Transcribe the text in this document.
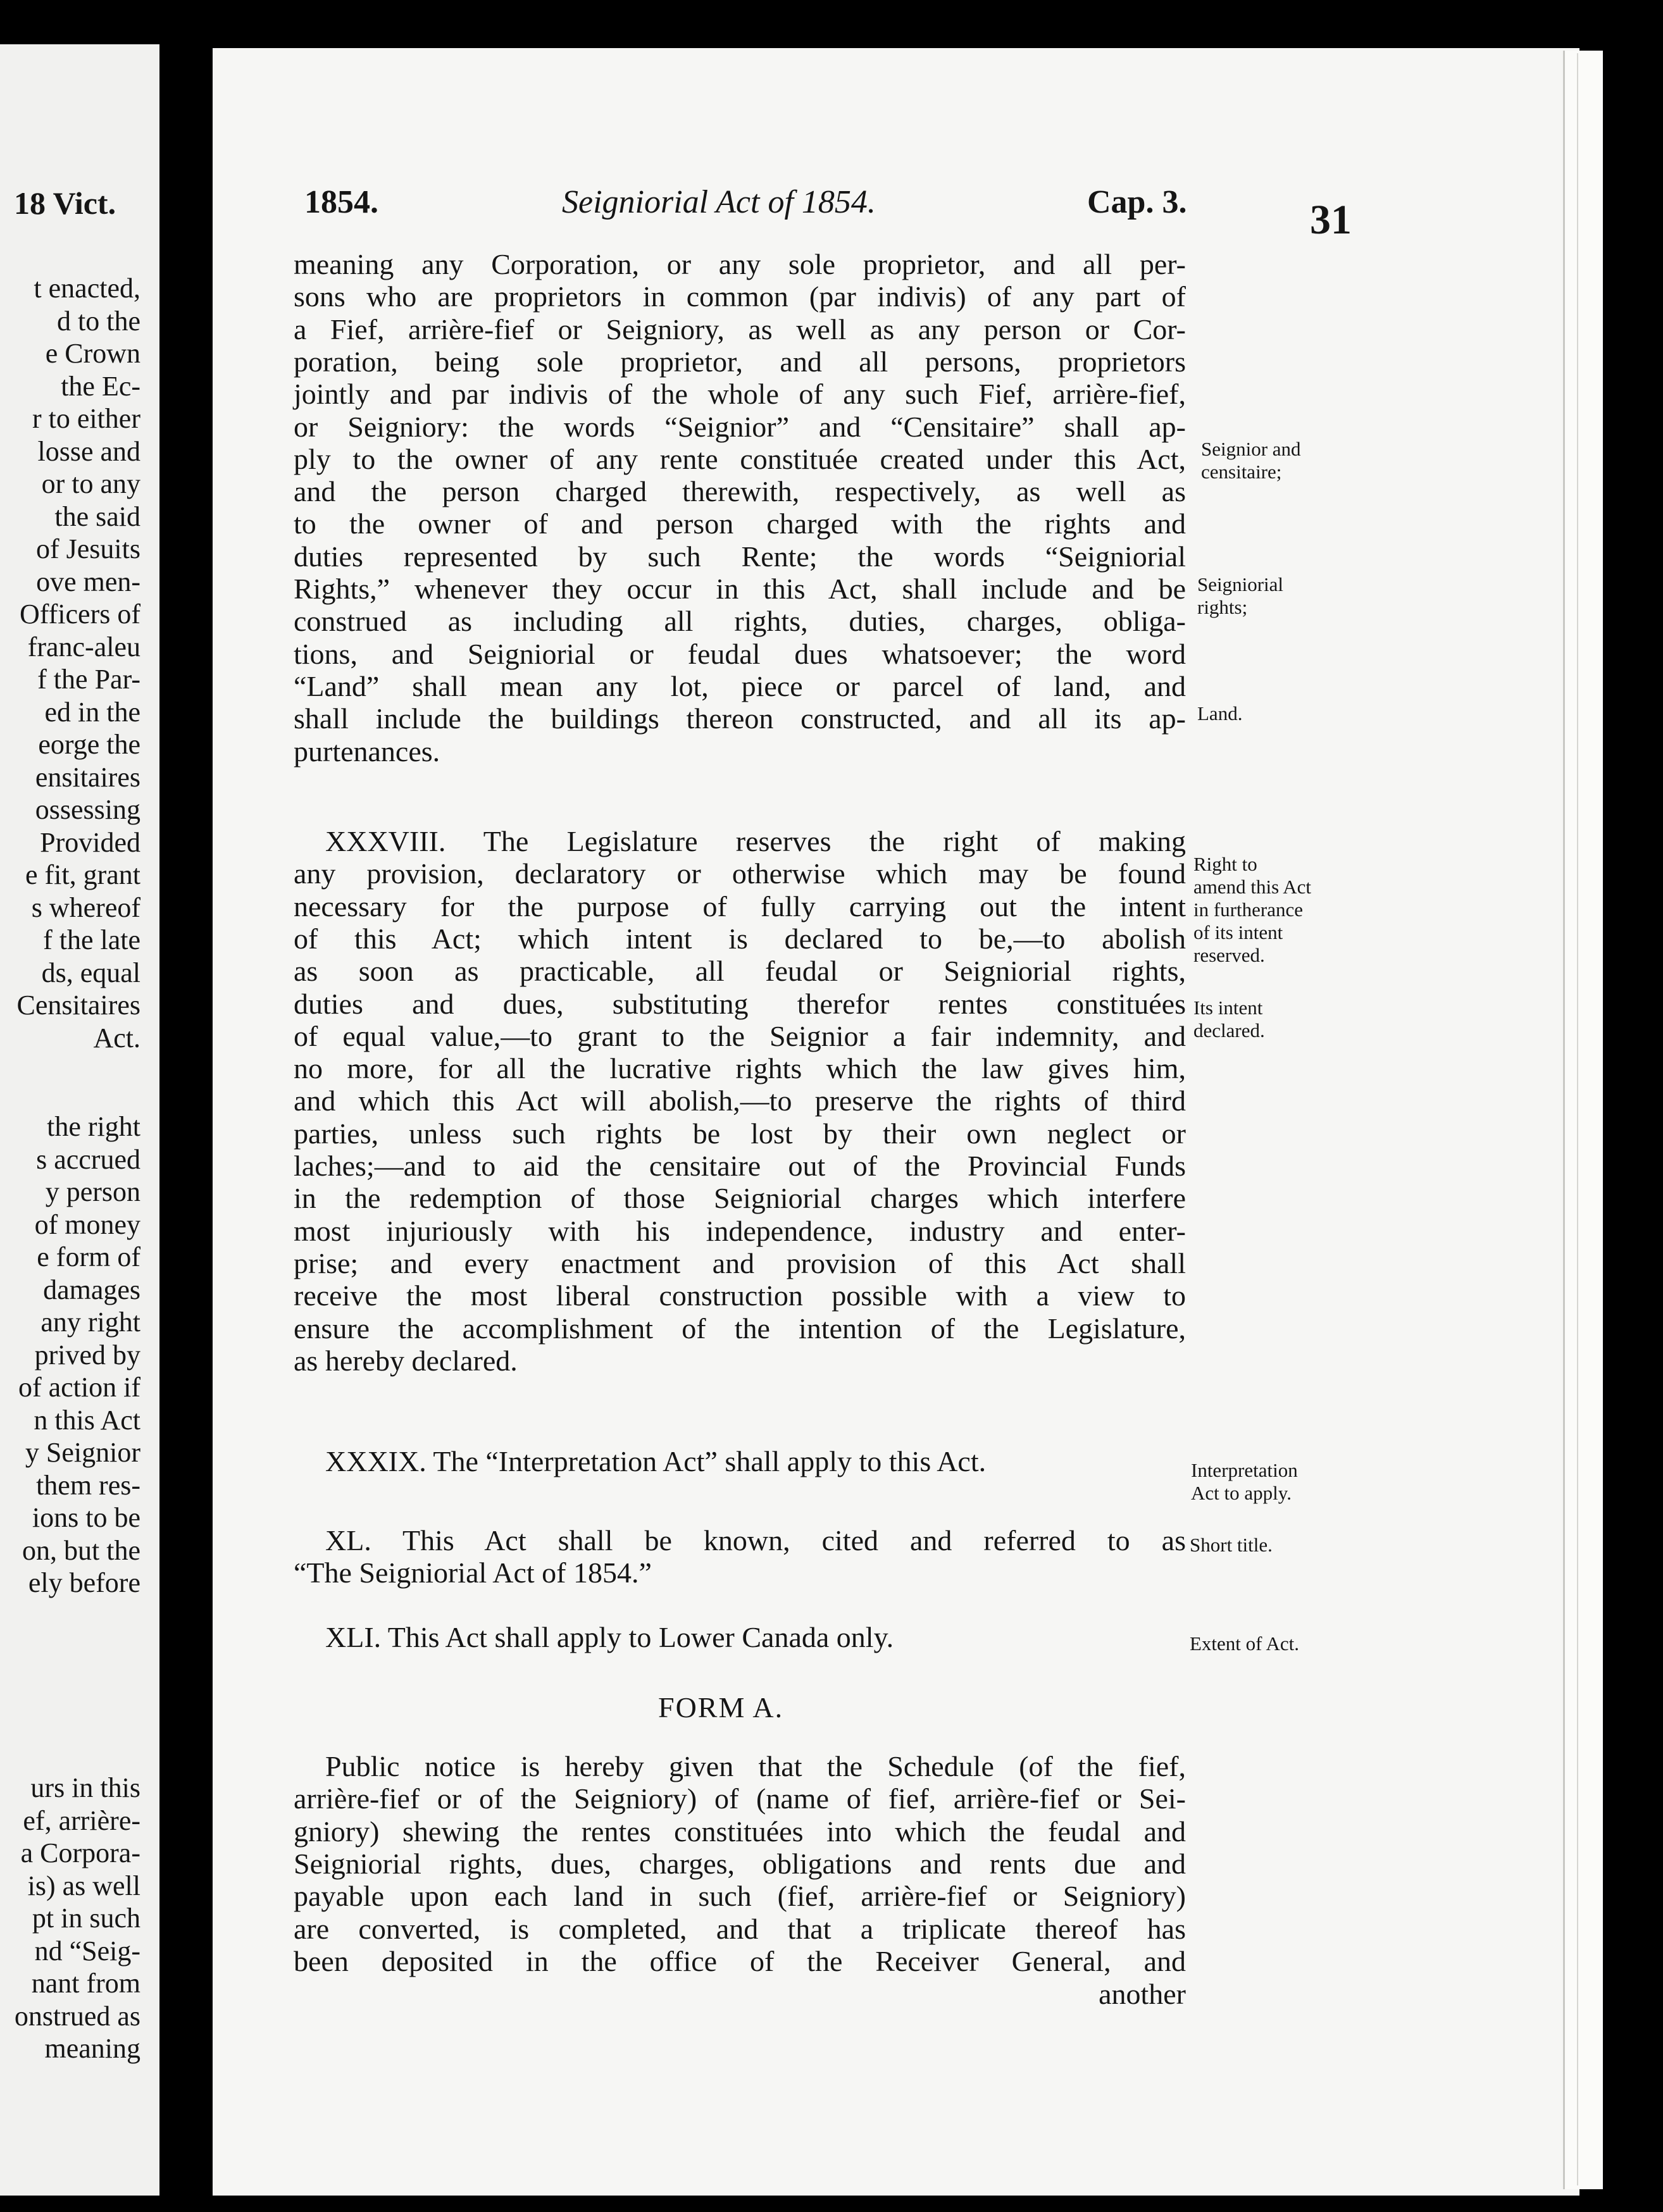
18 Vict.
t enacted,
d to the
e Crown
the Ec-
r to either
losse and
or to any
the said
of Jesuits
ove men-
Officers of
franc-aleu
f the Par-
ed in the
eorge the
ensitaires
ossessing
Provided
e fit, grant
s whereof
f the late
ds, equal
Censitaires
Act.
the right
s accrued
y person
of money
e form of
damages
any right
prived by
of action if
n this Act
y Seignior
them res-
ions to be
on, but the
ely before
urs in this
ef, arrière-
a Corpora-
is) as well
pt in such
nd “Seig-
nant from
onstrued as
meaning
1854.	Seigniorial Act of 1854.	Cap. 3.	31
meaning any Corporation, or any sole proprietor, and all per-
sons who are proprietors in common (par indivis) of any part of
a Fief, arrière-fief or Seigniory, as well as any person or Cor-
poration, being sole proprietor, and all persons, proprietors
jointly and par indivis of the whole of any such Fief, arrière-fief,
or Seigniory: the words “Seignior” and “Censitaire” shall ap-
ply to the owner of any rente constituée created under this Act,
and the person charged therewith, respectively, as well as
to the owner of and person charged with the rights and
duties represented by such Rente; the words “Seigniorial
Rights,” whenever they occur in this Act, shall include and be
construed as including all rights, duties, charges, obliga-
tions, and Seigniorial or feudal dues whatsoever; the word
“Land” shall mean any lot, piece or parcel of land, and
shall include the buildings thereon constructed, and all its ap-
purtenances.
XXXVIII. The Legislature reserves the right of making
any provision, declaratory or otherwise which may be found
necessary for the purpose of fully carrying out the intent
of this Act; which intent is declared to be,—to abolish
as soon as practicable, all feudal or Seigniorial rights,
duties and dues, substituting therefor rentes constituées
of equal value,—to grant to the Seignior a fair indemnity, and
no more, for all the lucrative rights which the law gives him,
and which this Act will abolish,—to preserve the rights of third
parties, unless such rights be lost by their own neglect or
laches;—and to aid the censitaire out of the Provincial Funds
in the redemption of those Seigniorial charges which interfere
most injuriously with his independence, industry and enter-
prise; and every enactment and provision of this Act shall
receive the most liberal construction possible with a view to
ensure the accomplishment of the intention of the Legislature,
as hereby declared.
XXXIX. The “Interpretation Act” shall apply to this Act.
XL. This Act shall be known, cited and referred to as
“The Seigniorial Act of 1854.”
XLI. This Act shall apply to Lower Canada only.
Public notice is hereby given that the Schedule (of the fief,
arrière-fief or of the Seigniory) of (name of fief, arrière-fief or Sei-
gniory) shewing the rentes constituées into which the feudal and
Seigniorial rights, dues, charges, obligations and rents due and
payable upon each land in such (fief, arrière-fief or Seigniory)
are converted, is completed, and that a triplicate thereof has
been deposited in the office of the Receiver General, and
another
FORM A.
Seignior and
censitaire;
Seigniorial
rights;
Land.
Right to
amend this Act
in furtherance
of its intent
reserved.
Its intent
declared.
Interpretation
Act to apply.
Short title.
Extent of Act.
